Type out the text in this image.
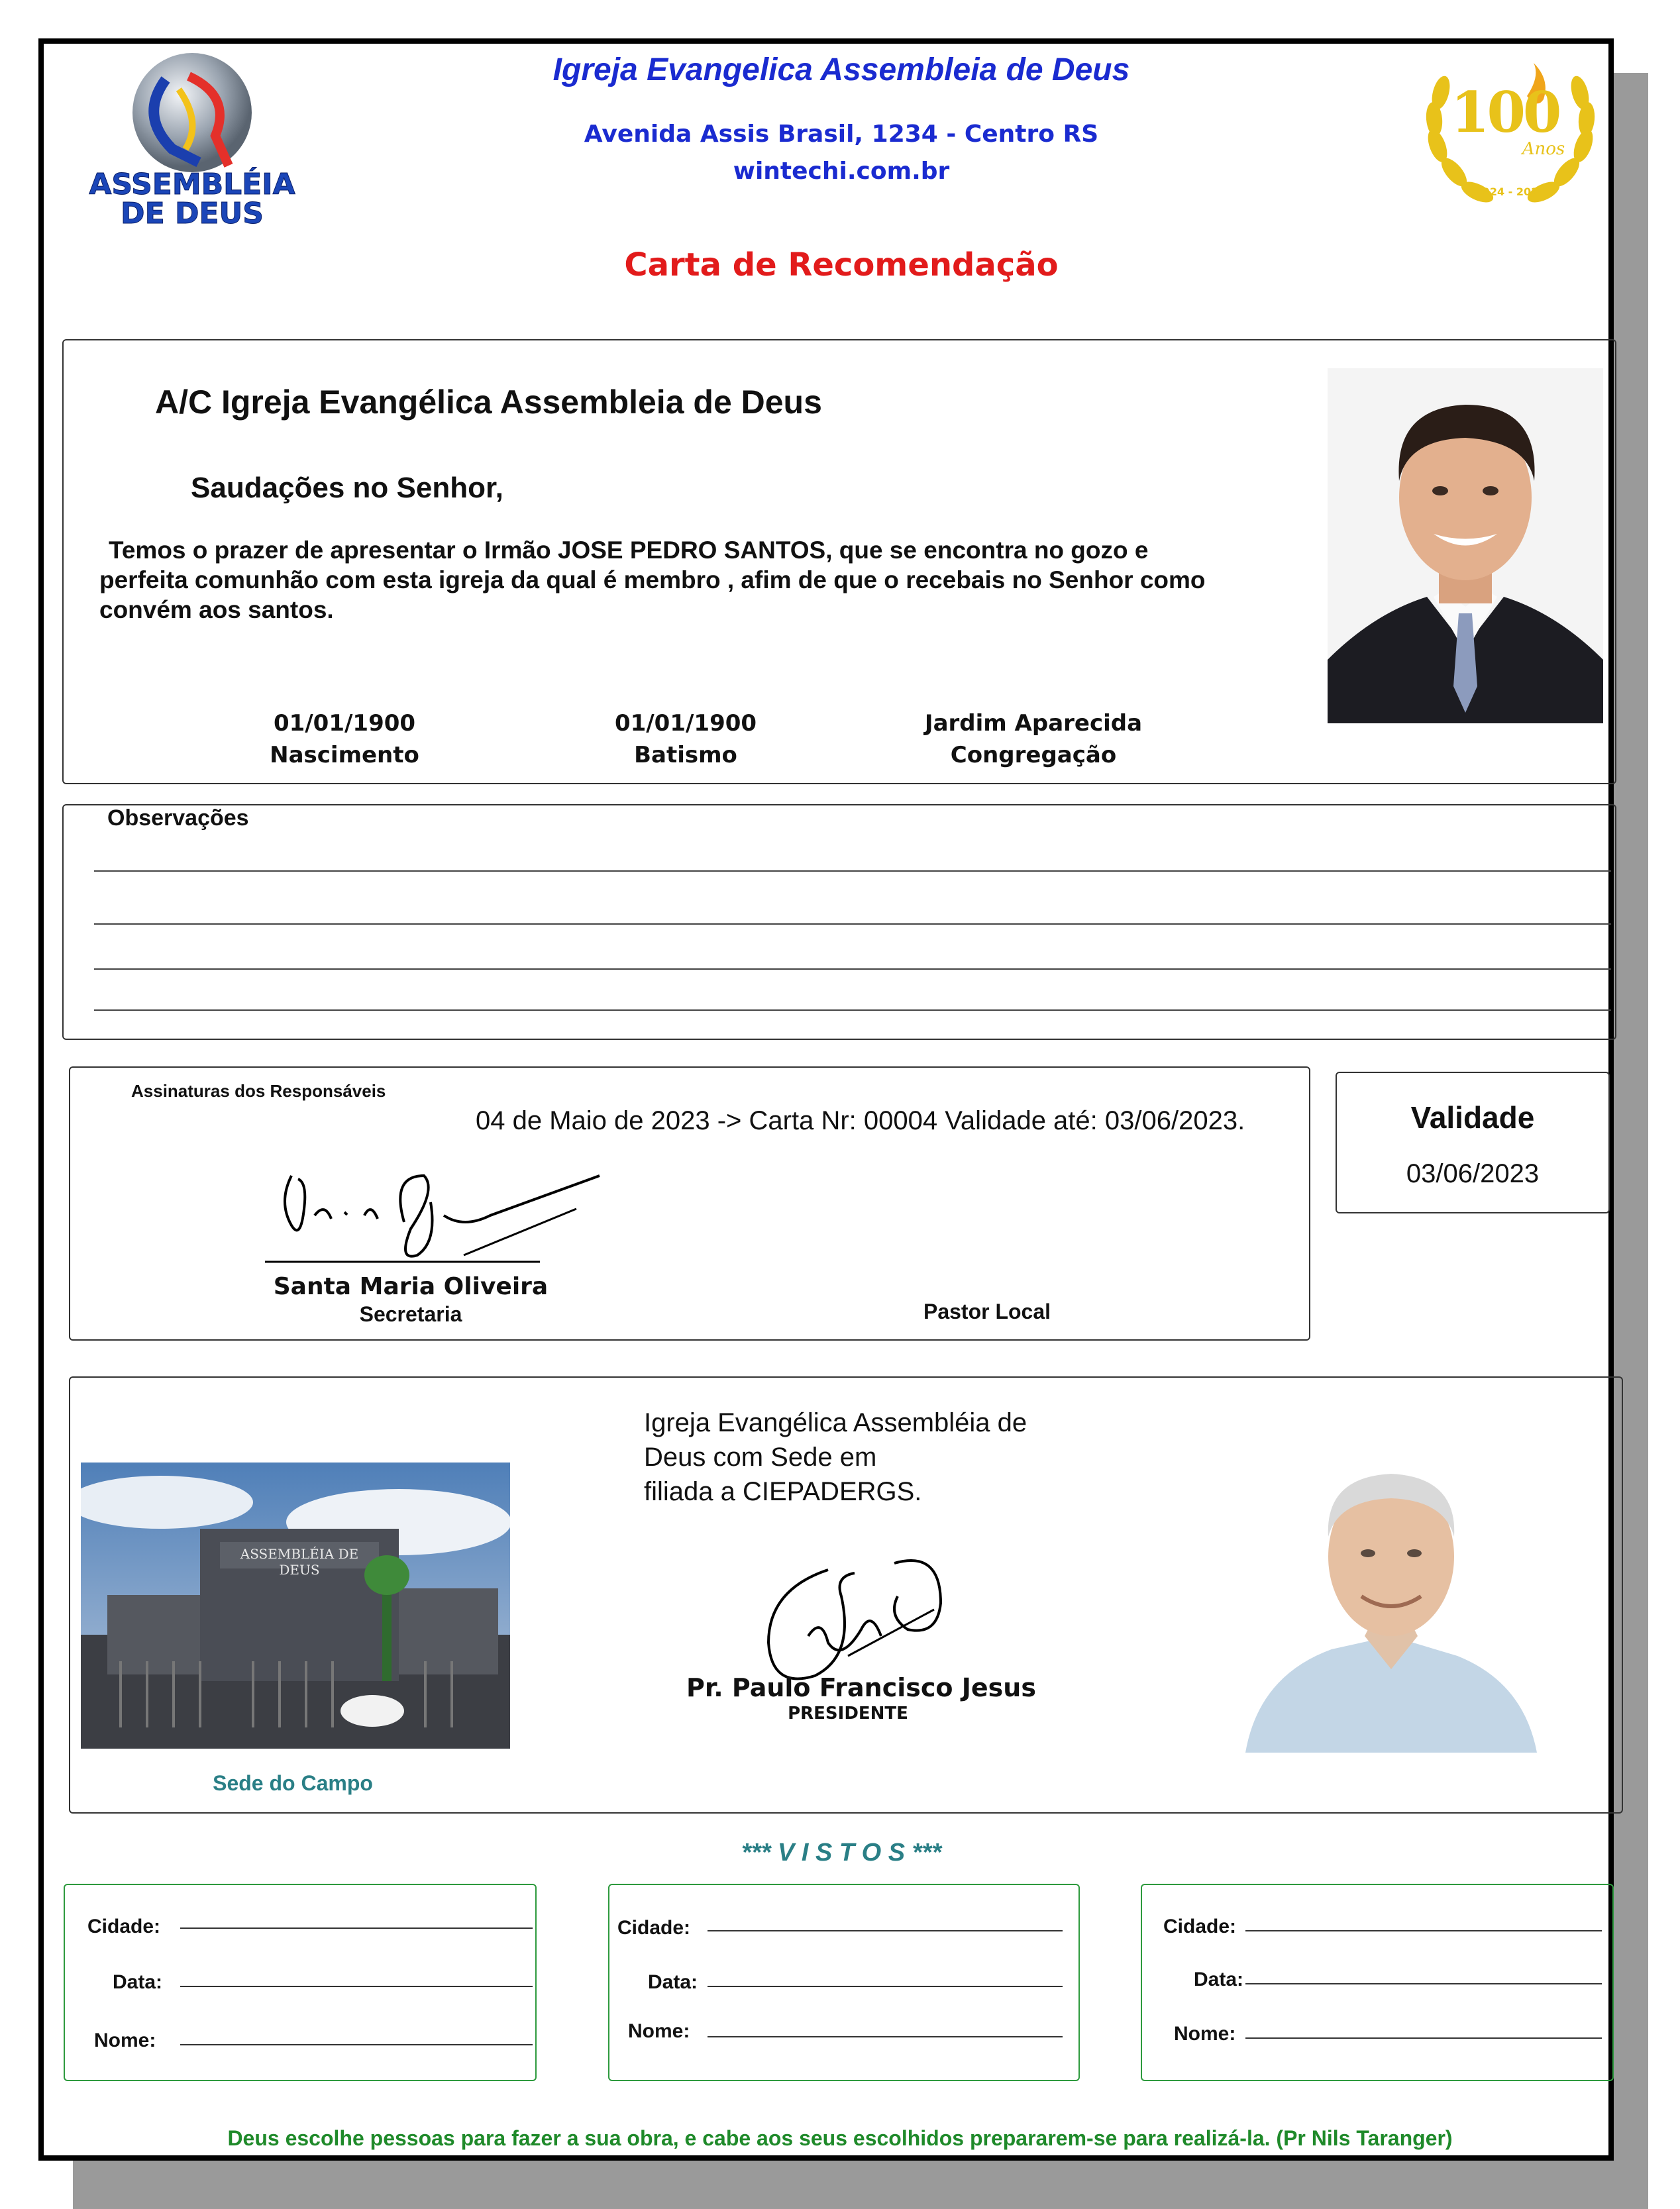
ASSEMBLÉIA
DE DEUS
Igreja Evangelica Assembleia de Deus
Avenida Assis Brasil, 1234 - Centro RS
wintechi.com.br
100
Anos
1924 - 2024
Carta de Recomendação
A/C Igreja Evangélica Assembleia de Deus
Saudações no Senhor,
Temos o prazer de apresentar o Irmão JOSE PEDRO SANTOS, que se encontra no gozo e
perfeita comunhão com esta igreja da qual é membro , afim de que o recebais no Senhor como
convém aos santos.
01/01/1900
Nascimento
01/01/1900
Batismo
Jardim Aparecida
Congregação
Observações
Assinaturas dos Responsáveis
04 de Maio de 2023 -> Carta Nr: 00004 Validade até: 03/06/2023.
Santa Maria Oliveira
Secretaria	Pastor Local
Validade
03/06/2023
ASSEMBLÉIA DE DEUS
Sede do Campo
Igreja Evangélica Assembléia de
Deus com Sede em
filiada a CIEPADERGS.
Pr. Paulo Francisco Jesus
PRESIDENTE
*** V I S T O S ***
Cidade:
Data:
Nome:
Cidade:
Data:
Nome:
Cidade:
Data:
Nome:
Deus escolhe pessoas para fazer a sua obra, e cabe aos seus escolhidos prepararem-se para realizá-la. (Pr Nils Taranger)
